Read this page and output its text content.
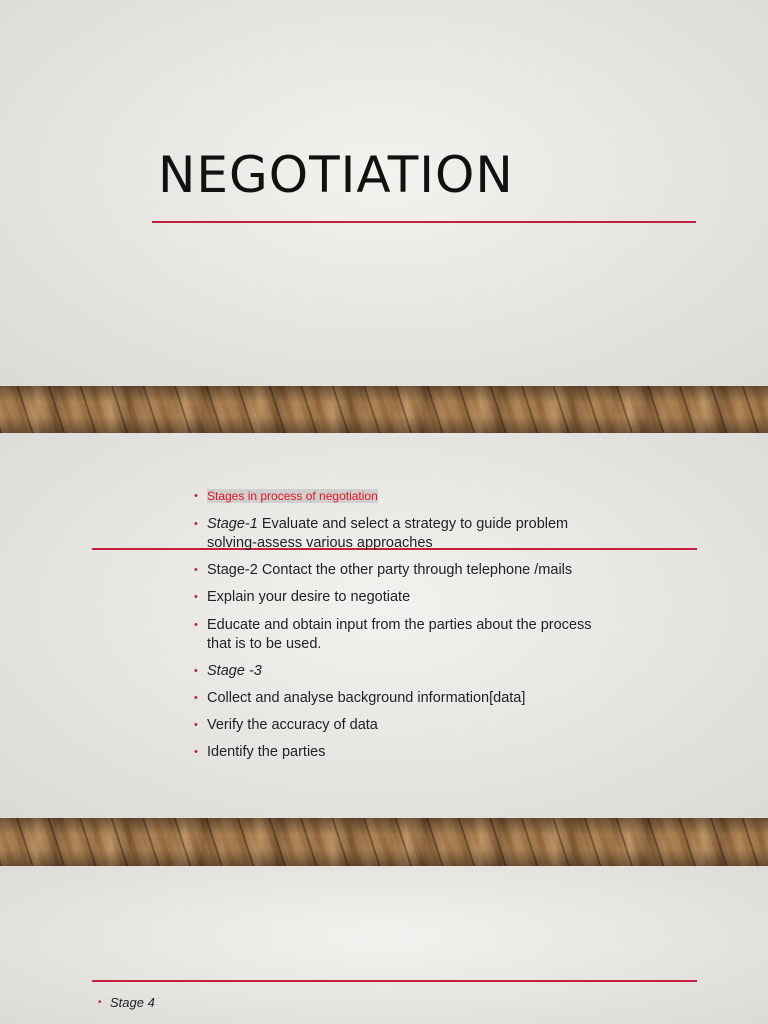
NEGOTIATION
• Stages in process of negotiation
• Stage-1 Evaluate and select a strategy to guide problem solving-assess various approaches
• Stage-2 Contact the other party through telephone /mails
• Explain your desire to negotiate
• Educate and obtain input from the parties about the process that is to be used.
• Stage -3
• Collect and analyse background information[data]
• Verify the accuracy of data
• Identify the parties
• Stage 4
